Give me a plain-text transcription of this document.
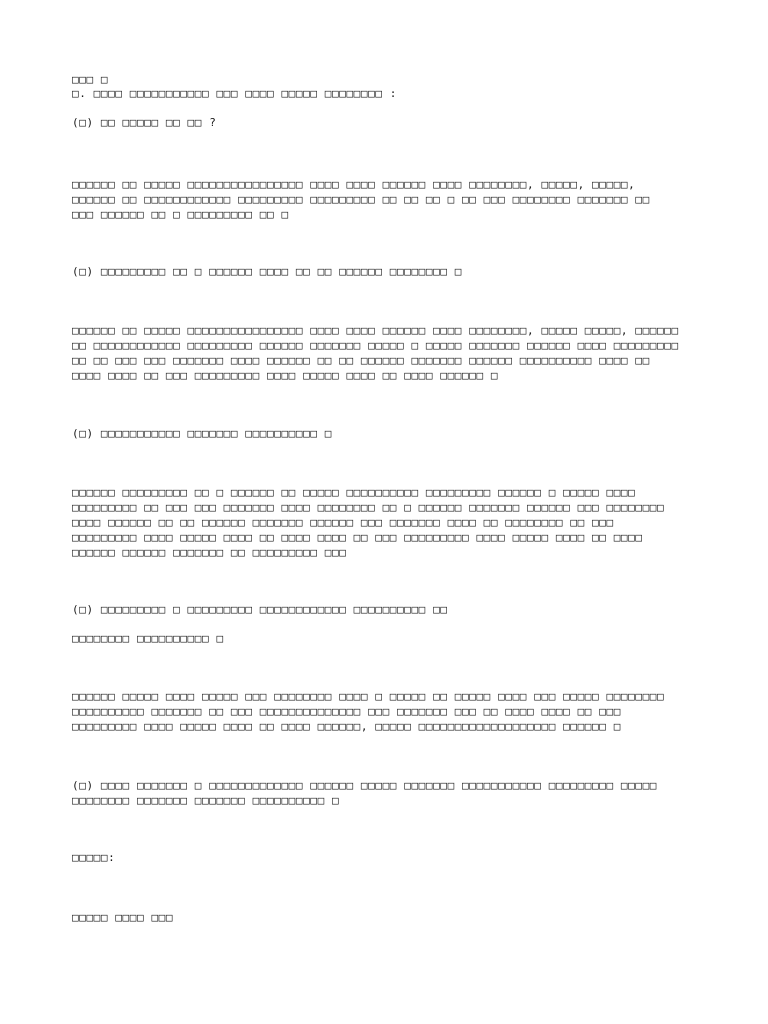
□□□ □
□. □□□□ □□□□□□□□□□□ □□□ □□□□ □□□□□ □□□□□□□□ :
(□) □□ □□□□□ □□ □□ ?
□□□□□□ □□ □□□□□ □□□□□□□□□□□□□□□□ □□□□ □□□□ □□□□□□ □□□□ □□□□□□□□, □□□□□, □□□□□,
□□□□□□ □□ □□□□□□□□□□□□ □□□□□□□□□ □□□□□□□□□ □□ □□ □□ □ □□ □□□ □□□□□□□□ □□□□□□□ □□
□□□ □□□□□□ □□ □ □□□□□□□□□ □□ □
(□) □□□□□□□□□ □□ □ □□□□□□ □□□□ □□ □□ □□□□□□ □□□□□□□□ □
□□□□□□ □□ □□□□□ □□□□□□□□□□□□□□□□ □□□□ □□□□ □□□□□□ □□□□ □□□□□□□□, □□□□□ □□□□□, □□□□□□
□□ □□□□□□□□□□□□ □□□□□□□□□ □□□□□□ □□□□□□□ □□□□□ □ □□□□□ □□□□□□□ □□□□□□ □□□□ □□□□□□□□□
□□ □□ □□□ □□□ □□□□□□□ □□□□ □□□□□□ □□ □□ □□□□□□ □□□□□□□ □□□□□□ □□□□□□□□□□ □□□□ □□
□□□□ □□□□ □□ □□□ □□□□□□□□□ □□□□ □□□□□ □□□□ □□ □□□□ □□□□□□ □
(□) □□□□□□□□□□□ □□□□□□□ □□□□□□□□□□ □
□□□□□□ □□□□□□□□□ □□ □ □□□□□□ □□ □□□□□ □□□□□□□□□□ □□□□□□□□□ □□□□□□ □ □□□□□ □□□□
□□□□□□□□□ □□ □□□ □□□ □□□□□□□ □□□□ □□□□□□□□ □□ □ □□□□□□ □□□□□□□ □□□□□□ □□□ □□□□□□□□
□□□□ □□□□□□ □□ □□ □□□□□□ □□□□□□□ □□□□□□ □□□ □□□□□□□ □□□□ □□ □□□□□□□□ □□ □□□
□□□□□□□□□ □□□□ □□□□□ □□□□ □□ □□□□ □□□□ □□ □□□ □□□□□□□□□ □□□□ □□□□□ □□□□ □□ □□□□
□□□□□□ □□□□□□ □□□□□□□ □□ □□□□□□□□□ □□□
(□) □□□□□□□□□ □ □□□□□□□□□ □□□□□□□□□□□□ □□□□□□□□□□ □□
□□□□□□□□ □□□□□□□□□□ □
□□□□□□ □□□□□ □□□□ □□□□□ □□□ □□□□□□□□ □□□□ □ □□□□□ □□ □□□□□ □□□□ □□□ □□□□□ □□□□□□□□
□□□□□□□□□□ □□□□□□□ □□ □□□ □□□□□□□□□□□□□□ □□□ □□□□□□□ □□□ □□ □□□□ □□□□ □□ □□□
□□□□□□□□□ □□□□ □□□□□ □□□□ □□ □□□□ □□□□□□, □□□□□ □□□□□□□□□□□□□□□□□□□ □□□□□□ □
(□) □□□□ □□□□□□□ □ □□□□□□□□□□□□□ □□□□□□ □□□□□ □□□□□□□ □□□□□□□□□□□ □□□□□□□□□ □□□□□
□□□□□□□□ □□□□□□□ □□□□□□□ □□□□□□□□□□ □
□□□□□:
□□□□□ □□□□ □□□
